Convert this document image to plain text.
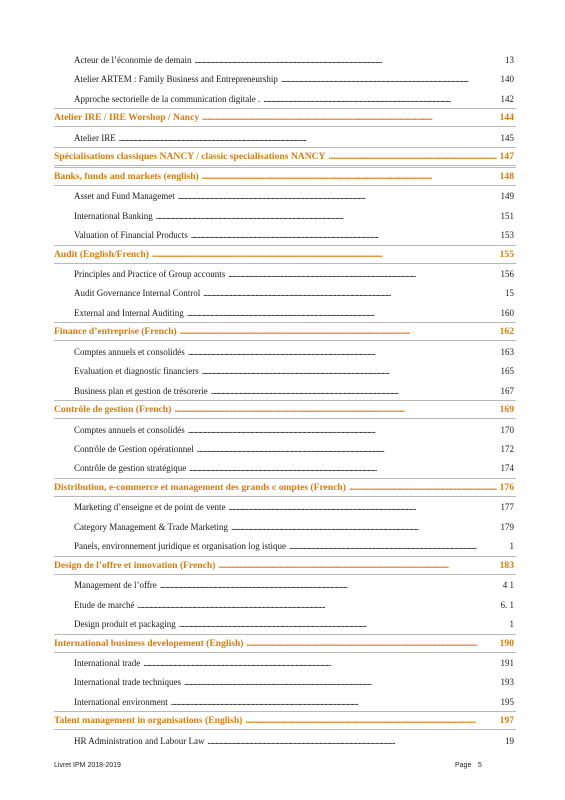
Acteur de l’économie de demain . . .	13
Atelier ARTEM : Family Business and Entrepreneurship . . .	140
Approche sectorielle de la communication digitale . . . .	142
Atelier IRE / IRE Worshop / Nancy . . .	144
Atelier IRE . . .	145
Spécialisations classiques NANCY / classic specialisations NANCY . . .	147
Banks, funds and markets (english) . . .	148
Asset and Fund Managemet . . .	149
International Banking . . .	151
Valuation of Financial Products . . .	153
Audit (English/French) . . .	155
Principles and Practice of Group accounts . . .	156
Audit Governance Internal Control . . .	15
External and Internal Auditing . . .	160
Finance d’entreprise (French) . . .	162
Comptes annuels et consolidés . . .	163
Evaluation et diagnostic financiers . . .	165
Business plan et gestion de trésorerie . . .	167
Contrôle de gestion (French) . . .	169
Comptes annuels et consolidés . . .	170
Contrôle de Gestion opérationnel . . .	172
Contrôle de gestion stratégique . . .	174
Distribution, e-commerce et management des grands c omptes (French) . . .	176
Marketing d’enseigne et de point de vente . . .	177
Category Management & Trade Marketing . . .	179
Panels, environnement juridique et organisation log istique . . .	1
Design de l’offre et innovation (French) . . .	183
Management de l’offre . . .	4 1
Etude de marché . . .	6. 1
Design produit et packaging . . .	1
International business developement (English) . . .	190
International trade . . .	191
International trade techniques . . .	193
International environment . . .	195
Talent management in organisations (English) . . .	197
HR Administration and Labour Law . . .	19
Livret IPM 2018-2019	Page 5
